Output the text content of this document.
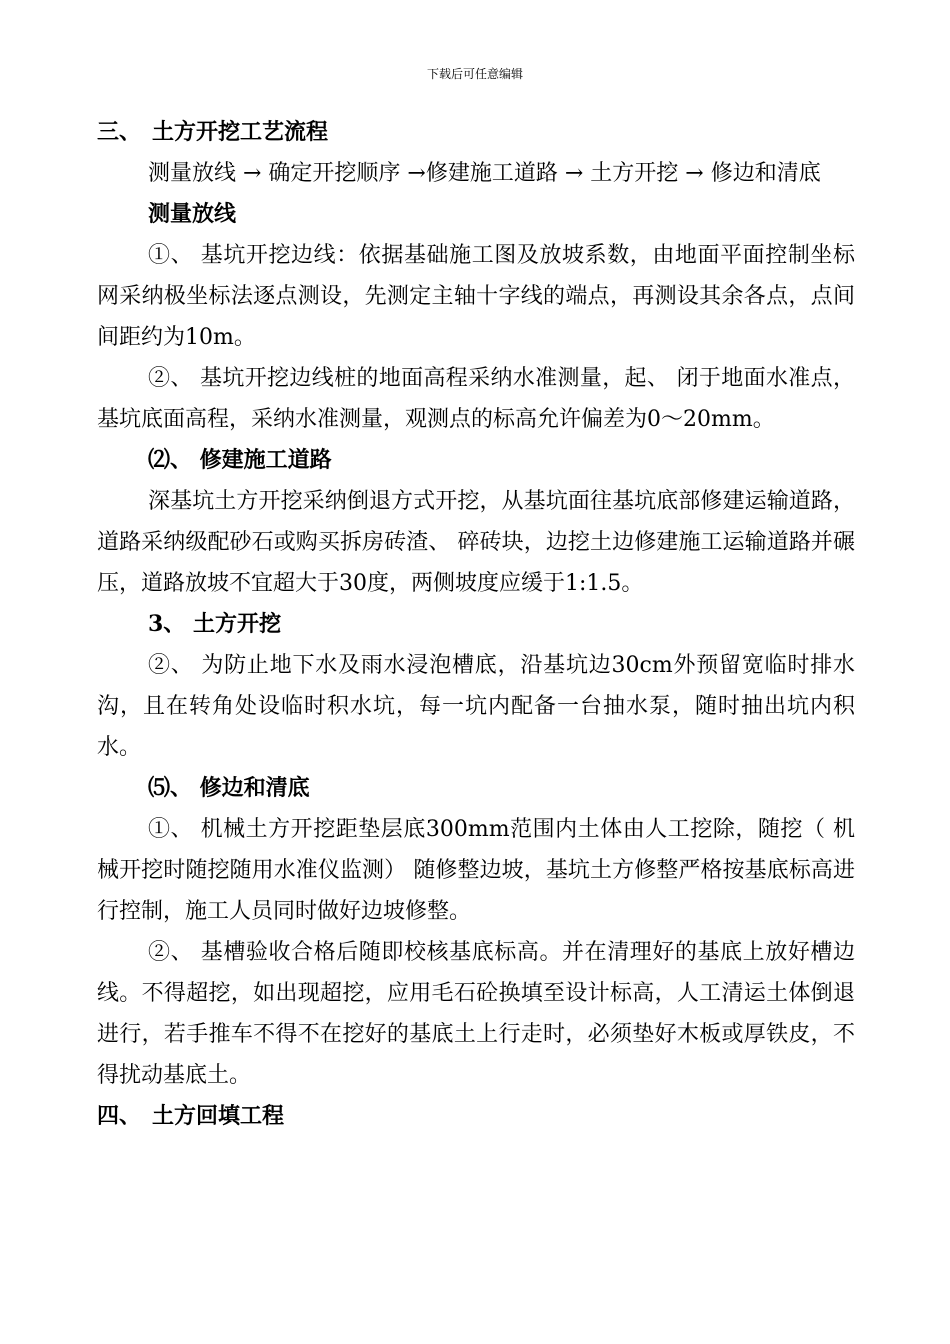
下载后可任意编辑

三、　土方开挖工艺流程

测量放线 → 确定开挖顺序 →修建施工道路 → 土方开挖 → 修边和清底

测量放线

①、 基坑开挖边线：依据基础施工图及放坡系数，由地面平面控制坐标网采纳极坐标法逐点测设，先测定主轴十字线的端点，再测设其余各点，点间间距约为10m。

②、 基坑开挖边线桩的地面高程采纳水准测量，起、 闭于地面水准点，基坑底面高程，采纳水准测量，观测点的标高允许偏差为0～20mm。

⑵、 修建施工道路

深基坑土方开挖采纳倒退方式开挖，从基坑面往基坑底部修建运输道路，道路采纳级配砂石或购买拆房砖渣、 碎砖块，边挖土边修建施工运输道路并碾压，道路放坡不宜超大于30度，两侧坡度应缓于1:1.5。

3、 土方开挖

②、 为防止地下水及雨水浸泡槽底，沿基坑边30cm外预留宽临时排水沟，且在转角处设临时积水坑，每一坑内配备一台抽水泵，随时抽出坑内积水。

⑸、 修边和清底

①、 机械土方开挖距垫层底300mm范围内土体由人工挖除，随挖（ 机械开挖时随挖随用水准仪监测） 随修整边坡，基坑土方修整严格按基底标高进行控制，施工人员同时做好边坡修整。

②、 基槽验收合格后随即校核基底标高。并在清理好的基底上放好槽边线。不得超挖，如出现超挖，应用毛石砼换填至设计标高，人工清运土体倒退进行，若手推车不得不在挖好的基底土上行走时，必须垫好木板或厚铁皮，不得扰动基底土。

四、　土方回填工程
